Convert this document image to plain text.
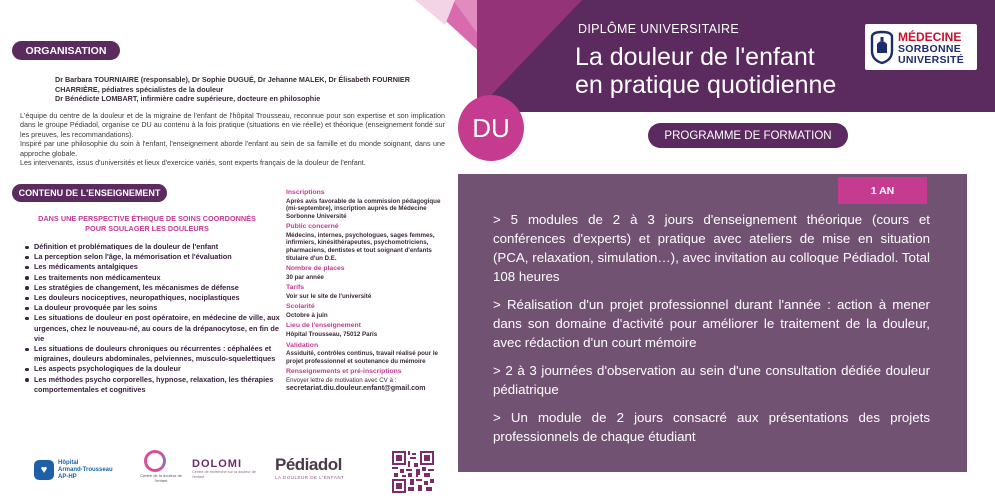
DIPLÔME UNIVERSITAIRE
La douleur de l'enfant
en pratique quotidienne
MÉDECINE
SORBONNE
UNIVERSITÉ
DU	PROGRAMME DE FORMATION
ORGANISATION
Dr Barbara TOURNIAIRE (responsable), Dr Sophie DUGUÉ, Dr Jehanne MALEK, Dr Élisabeth FOURNIER
CHARRIÈRE, pédiatres spécialistes de la douleur
Dr Bénédicte LOMBART, infirmière cadre supérieure, docteure en philosophie

L'équipe du centre de la douleur et de la migraine de l'enfant de l'hôpital Trousseau, reconnue pour son expertise et son implication dans le groupe Pédiadol, organise ce DU au contenu à la fois pratique (situations en vie réelle) et théorique (enseignement fondé sur les preuves, les recommandations).

Inspiré par une philosophie du soin à l'enfant, l'enseignement aborde l'enfant au sein de sa famille et du monde soignant, dans une approche globale.

Les intervenants, issus d'universités et lieux d'exercice variés, sont experts français de la douleur de l'enfant.

CONTENU DE L'ENSEIGNEMENT
DANS UNE PERSPECTIVE ÉTHIQUE DE SOINS COORDONNÉS
POUR SOULAGER LES DOULEURS
Définition et problématiques de la douleur de l'enfant
La perception selon l'âge, la mémorisation et l'évaluation
Les médicaments antalgiques
Les traitements non médicamenteux
Les stratégies de changement, les mécanismes de défense
Les douleurs nociceptives, neuropathiques, nociplastiques
La douleur provoquée par les soins
Les situations de douleur en post opératoire, en médecine de ville, aux urgences, chez le nouveau-né, au cours de la drépanocytose, en fin de vie
Les situations de douleurs chroniques ou récurrentes : céphalées et migraines, douleurs abdominales, pelviennes, musculo-squelettiques
Les aspects psychologiques de la douleur
Les méthodes psycho corporelles, hypnose, relaxation, les thérapies comportementales et cognitives
Inscriptions
Après avis favorable de la commission pédagogique (mi-septembre), inscription auprès de Médecine Sorbonne Université
Public concerné
Médecins, internes, psychologues, sages femmes, infirmiers, kinésithérapeutes, psychomotriciens, pharmaciens, dentistes et tout soignant d'enfants titulaire d'un D.E.
Nombre de places
30 par année
Tarifs
Voir sur le site de l'université
Scolarité
Octobre à juin
Lieu de l'enseignement
Hôpital Trousseau, 75012 Paris
Validation
Assiduité, contrôles continus, travail réalisé pour le projet professionnel et soutenance du mémoire
Renseignements et pré-inscriptions
Envoyer lettre de motivation avec CV à :
secretariat.diu.douleur.enfant@gmail.com
♥
Hôpital
Armand-Trousseau
AP-HP	Centre de la douleur de l'enfant
DOLOMI
Centre de recherche sur la douleur de l'enfant
Pédiadol
LA DOULEUR DE L'ENFANT
1 AN

> 5 modules de 2 à 3 jours d'enseignement théorique (cours et conférences d'experts) et pratique avec ateliers de mise en situation (PCA, relaxation, simulation…), avec invitation au colloque Pédiadol. Total 108 heures

> Réalisation d'un projet professionnel durant l'année : action à mener dans son domaine d'activité pour améliorer le traitement de la douleur, avec rédaction d'un court mémoire

> 2 à 3 journées d'observation au sein d'une consultation dédiée douleur pédiatrique

> Un module de 2 jours consacré aux présentations des projets professionnels de chaque étudiant
